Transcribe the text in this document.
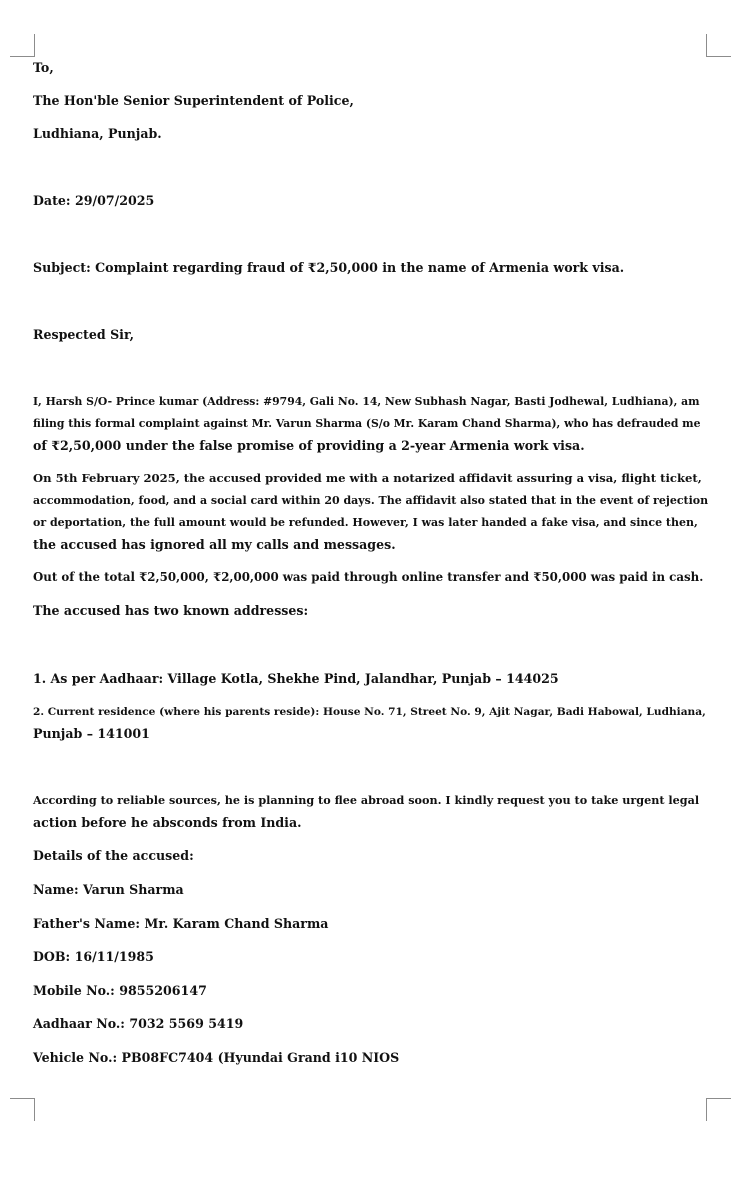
To,

The Hon'ble Senior Superintendent of Police,

Ludhiana, Punjab.

Date: 29/07/2025

Subject: Complaint regarding fraud of ₹2,50,000 in the name of Armenia work visa.

Respected Sir,

I, Harsh S/O- Prince kumar (Address: #9794, Gali No. 14, New Subhash Nagar, Basti Jodhewal, Ludhiana), am

filing this formal complaint against Mr. Varun Sharma (S/o Mr. Karam Chand Sharma), who has defrauded me

of ₹2,50,000 under the false promise of providing a 2-year Armenia work visa.

On 5th February 2025, the accused provided me with a notarized affidavit assuring a visa, flight ticket,

accommodation, food, and a social card within 20 days. The affidavit also stated that in the event of rejection

or deportation, the full amount would be refunded. However, I was later handed a fake visa, and since then,

the accused has ignored all my calls and messages.

Out of the total ₹2,50,000, ₹2,00,000 was paid through online transfer and ₹50,000 was paid in cash.

The accused has two known addresses:

1. As per Aadhaar: Village Kotla, Shekhe Pind, Jalandhar, Punjab – 144025

2. Current residence (where his parents reside): House No. 71, Street No. 9, Ajit Nagar, Badi Habowal, Ludhiana,

Punjab – 141001

According to reliable sources, he is planning to flee abroad soon. I kindly request you to take urgent legal

action before he absconds from India.

Details of the accused:

Name: Varun Sharma

Father's Name: Mr. Karam Chand Sharma

DOB: 16/11/1985

Mobile No.: 9855206147

Aadhaar No.: 7032 5569 5419

Vehicle No.: PB08FC7404 (Hyundai Grand i10 NIOS
